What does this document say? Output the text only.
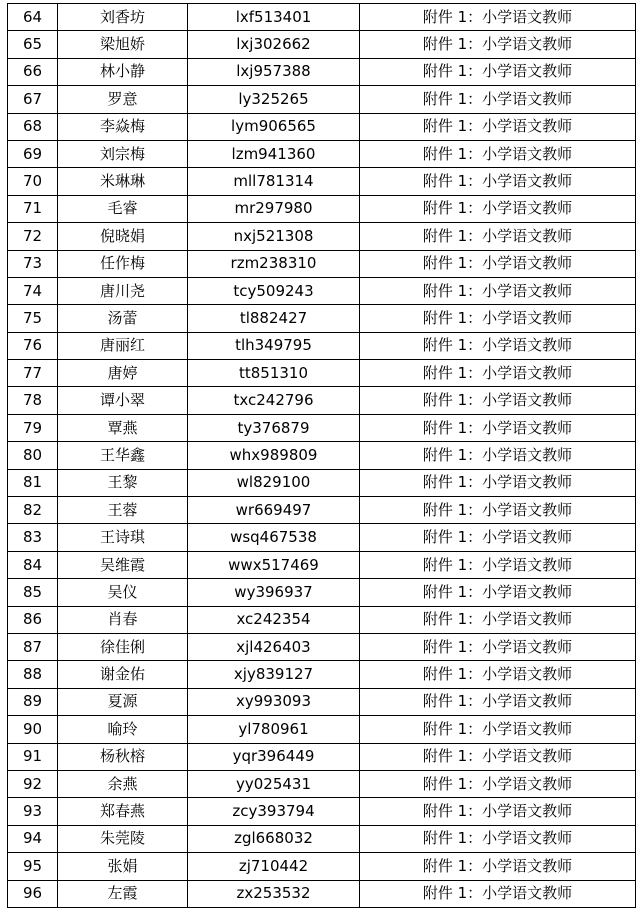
64	刘香坊	lxf513401	附件 1：小学语文教师
65	梁旭娇	lxj302662	附件 1：小学语文教师
66	林小静	lxj957388	附件 1：小学语文教师
67	罗意	ly325265	附件 1：小学语文教师
68	李焱梅	lym906565	附件 1：小学语文教师
69	刘宗梅	lzm941360	附件 1：小学语文教师
70	米琳琳	mll781314	附件 1：小学语文教师
71	毛睿	mr297980	附件 1：小学语文教师
72	倪晓娟	nxj521308	附件 1：小学语文教师
73	任作梅	rzm238310	附件 1：小学语文教师
74	唐川尧	tcy509243	附件 1：小学语文教师
75	汤蕾	tl882427	附件 1：小学语文教师
76	唐丽红	tlh349795	附件 1：小学语文教师
77	唐婷	tt851310	附件 1：小学语文教师
78	谭小翠	txc242796	附件 1：小学语文教师
79	覃燕	ty376879	附件 1：小学语文教师
80	王华鑫	whx989809	附件 1：小学语文教师
81	王黎	wl829100	附件 1：小学语文教师
82	王蓉	wr669497	附件 1：小学语文教师
83	王诗琪	wsq467538	附件 1：小学语文教师
84	吴维霞	wwx517469	附件 1：小学语文教师
85	吴仪	wy396937	附件 1：小学语文教师
86	肖春	xc242354	附件 1：小学语文教师
87	徐佳俐	xjl426403	附件 1：小学语文教师
88	谢金佑	xjy839127	附件 1：小学语文教师
89	夏源	xy993093	附件 1：小学语文教师
90	喻玲	yl780961	附件 1：小学语文教师
91	杨秋榕	yqr396449	附件 1：小学语文教师
92	余燕	yy025431	附件 1：小学语文教师
93	郑春燕	zcy393794	附件 1：小学语文教师
94	朱莞陵	zgl668032	附件 1：小学语文教师
95	张娟	zj710442	附件 1：小学语文教师
96	左霞	zx253532	附件 1：小学语文教师
